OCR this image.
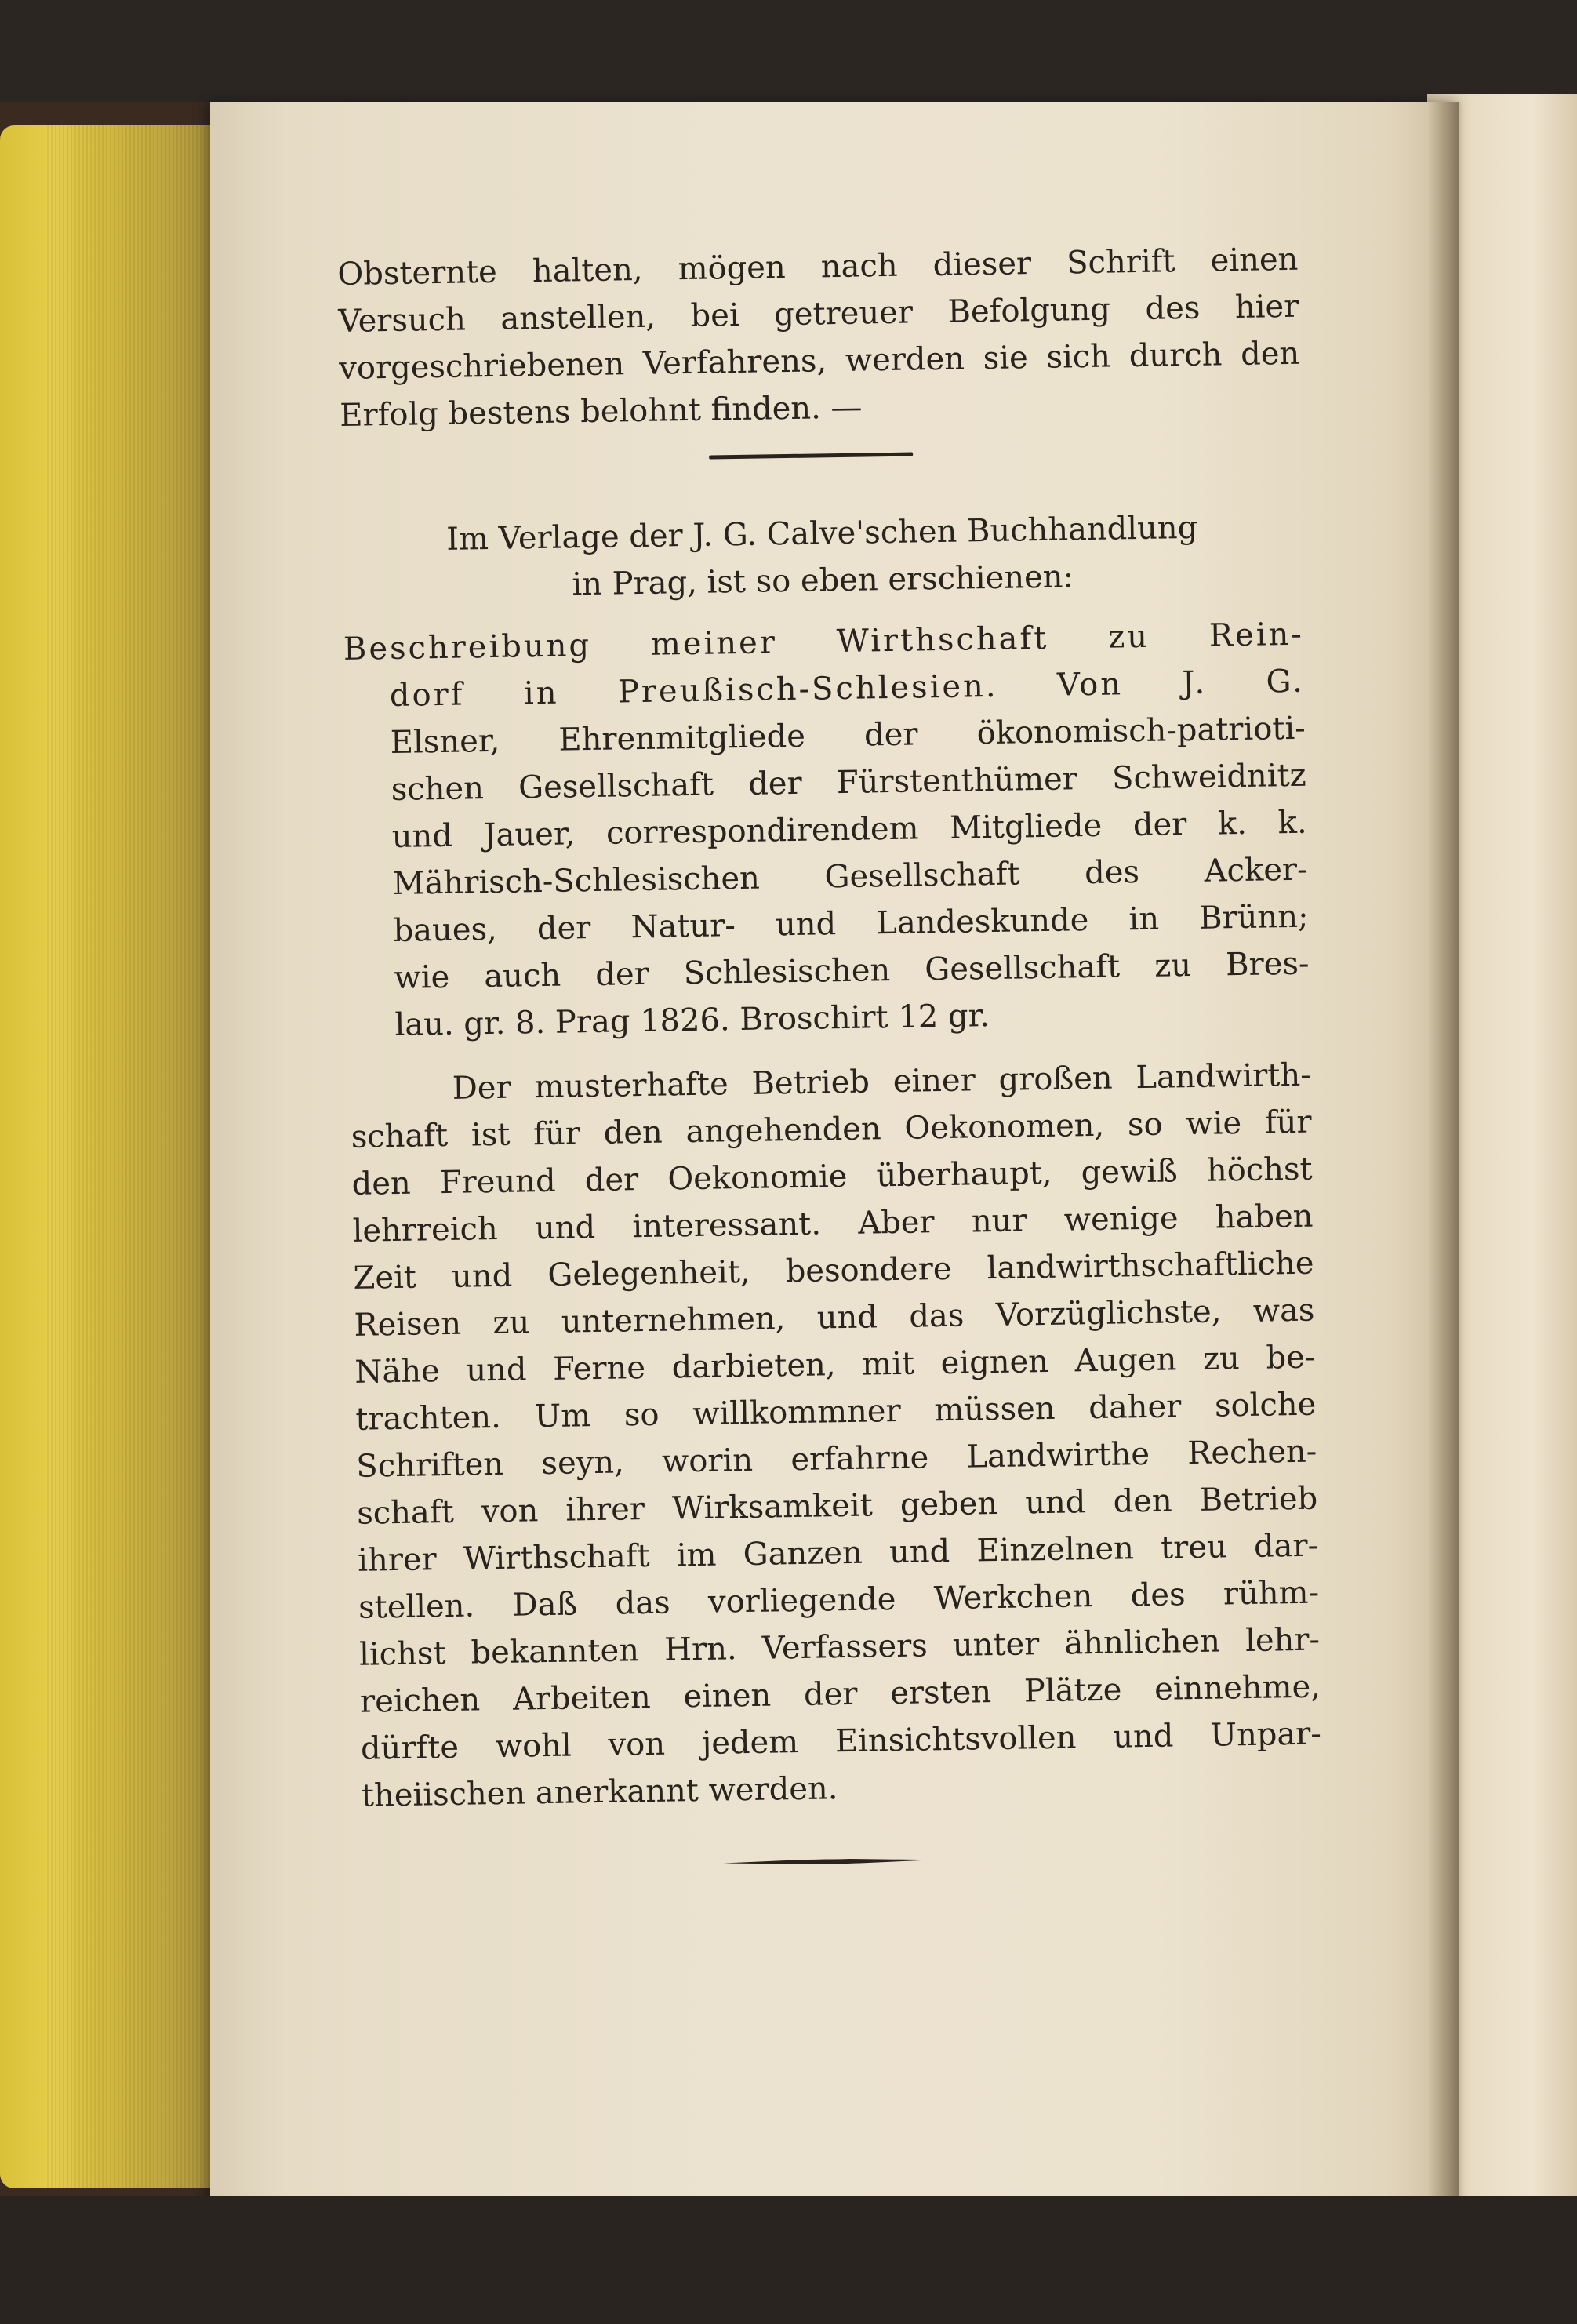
Obsterntе halten, mögen nach dieser Schrift einen
Versuch anstellen, bei getreuer Befolgung des hier
vorgeschriebenen Verfahrens, werden sie sich durch den
Erfolg bestens belohnt finden. —
Im Verlage der J. G. Calve'schen Buchhandlung
in Prag, ist so eben erschienen:
Beschreibung meiner Wirthschaft zu Rein-
dorf in Preußisch-Schlesien. Von J. G.
Elsner, Ehrenmitgliede der ökonomisch-patrioti-
schen Gesellschaft der Fürstenthümer Schweidnitz
und Jauer, correspondirendem Mitgliede der k. k.
Mährisch-Schlesischen Gesellschaft des Acker-
baues, der Natur- und Landeskunde in Brünn;
wie auch der Schlesischen Gesellschaft zu Bres-
lau. gr. 8. Prag 1826. Broschirt 12 gr.
Der musterhafte Betrieb einer großen Landwirth-
schaft ist für den angehenden Oekonomen, so wie für
den Freund der Oekonomie überhaupt, gewiß höchst
lehrreich und interessant. Aber nur wenige haben
Zeit und Gelegenheit, besondere landwirthschaftliche
Reisen zu unternehmen, und das Vorzüglichste, was
Nähe und Ferne darbieten, mit eignen Augen zu be-
trachten. Um so willkommner müssen daher solche
Schriften seyn, worin erfahrne Landwirthe Rechen-
schaft von ihrer Wirksamkeit geben und den Betrieb
ihrer Wirthschaft im Ganzen und Einzelnen treu dar-
stellen. Daß das vorliegende Werkchen des rühm-
lichst bekannten Hrn. Verfassers unter ähnlichen lehr-
reichen Arbeiten einen der ersten Plätze einnehme,
dürfte wohl von jedem Einsichtsvollen und Unpar-
theiischen anerkannt werden.
